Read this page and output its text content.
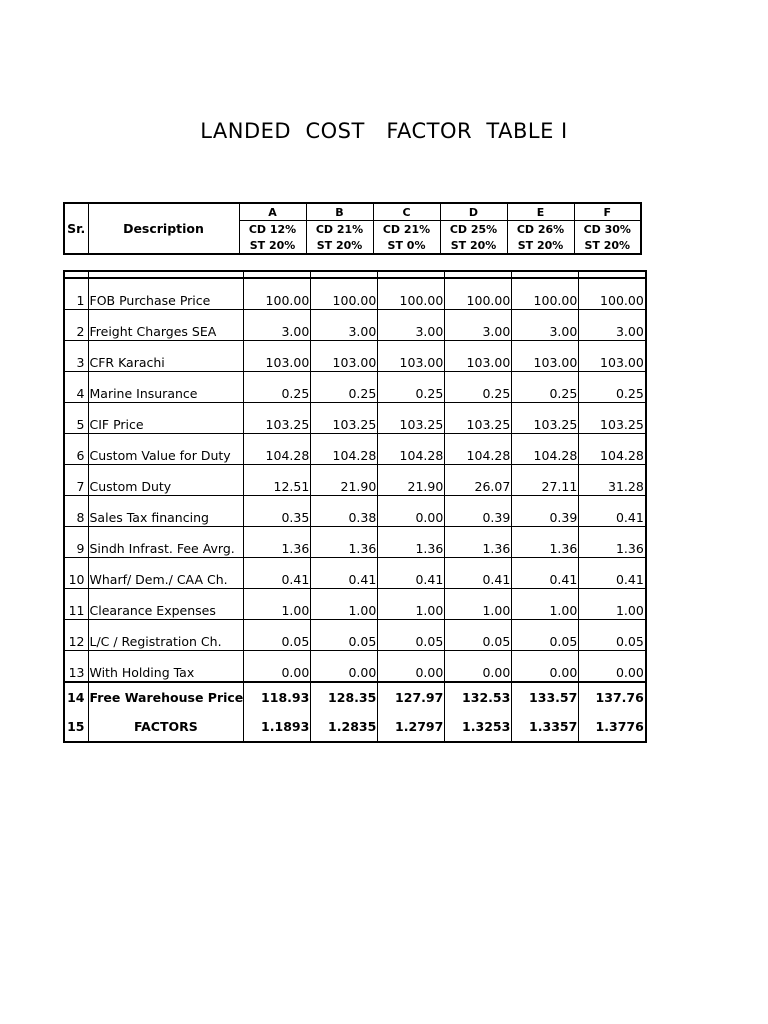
LANDED  COST   FACTOR  TABLE I
Sr.	Description	A	B	C	D	E	F
		CD 12%	CD 21%	CD 21%	CD 25%	CD 26%	CD 30%
		ST 20%	ST 20%	ST 0%	ST 20%	ST 20%	ST 20%

1	FOB Purchase Price	100.00	100.00	100.00	100.00	100.00	100.00
2	Freight Charges SEA	3.00	3.00	3.00	3.00	3.00	3.00
3	CFR Karachi	103.00	103.00	103.00	103.00	103.00	103.00
4	Marine Insurance	0.25	0.25	0.25	0.25	0.25	0.25
5	CIF Price	103.25	103.25	103.25	103.25	103.25	103.25
6	Custom Value for Duty	104.28	104.28	104.28	104.28	104.28	104.28
7	Custom Duty	12.51	21.90	21.90	26.07	27.11	31.28
8	Sales Tax financing	0.35	0.38	0.00	0.39	0.39	0.41
9	Sindh Infrast. Fee Avrg.	1.36	1.36	1.36	1.36	1.36	1.36
10	Wharf/ Dem./ CAA Ch.	0.41	0.41	0.41	0.41	0.41	0.41
11	Clearance Expenses	1.00	1.00	1.00	1.00	1.00	1.00
12	L/C / Registration Ch.	0.05	0.05	0.05	0.05	0.05	0.05
13	With Holding Tax	0.00	0.00	0.00	0.00	0.00	0.00
14	Free Warehouse Price	118.93	128.35	127.97	132.53	133.57	137.76
15	FACTORS	1.1893	1.2835	1.2797	1.3253	1.3357	1.3776
